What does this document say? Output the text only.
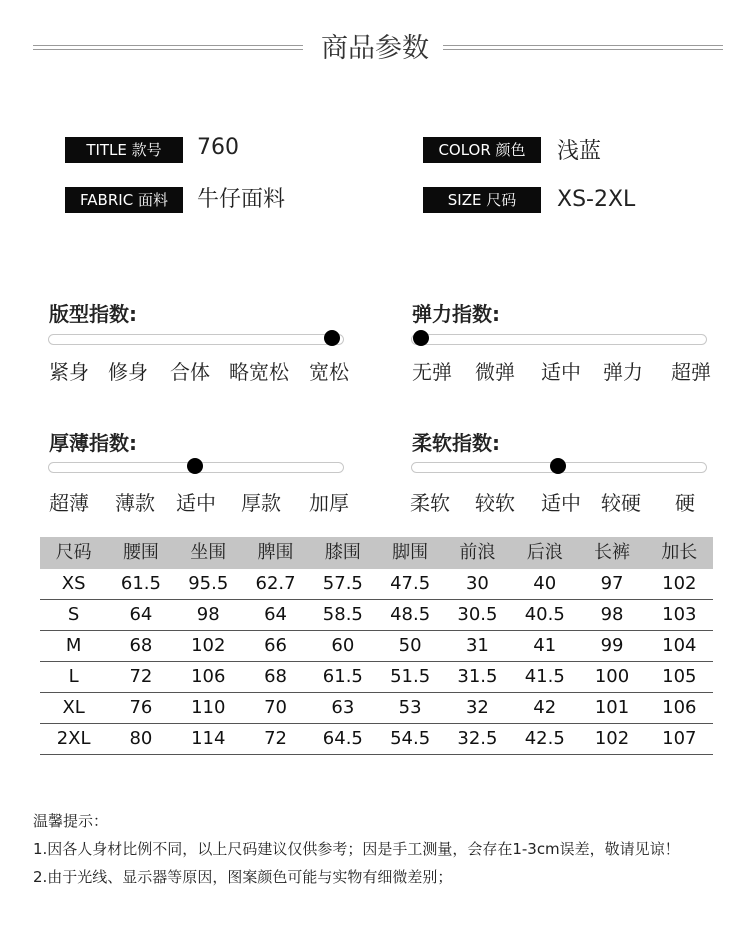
商品参数
TITLE 款号	760	COLOR 颜色	浅蓝
FABRIC 面料	牛仔面料	SIZE 尺码	XS-2XL
版型指数:
紧身 修身 合体 略宽松 宽松
弹力指数:
无弹 微弹 适中 弹力 超弹
厚薄指数:
超薄 薄款 适中 厚款 加厚
柔软指数:
柔软 较软 适中 较硬 硬
尺码	腰围	坐围	脾围	膝围	脚围	前浪	后浪	长裤	加长
XS	61.5	95.5	62.7	57.5	47.5	30	40	97	102
S	64	98	64	58.5	48.5	30.5	40.5	98	103
M	68	102	66	60	50	31	41	99	104
L	72	106	68	61.5	51.5	31.5	41.5	100	105
XL	76	110	70	63	53	32	42	101	106
2XL	80	114	72	64.5	54.5	32.5	42.5	102	107
温馨提示：
1.因各人身材比例不同，以上尺码建议仅供参考；因是手工测量，会存在1-3cm误差，敬请见谅！
2.由于光线、显示器等原因，图案颜色可能与实物有细微差别；
